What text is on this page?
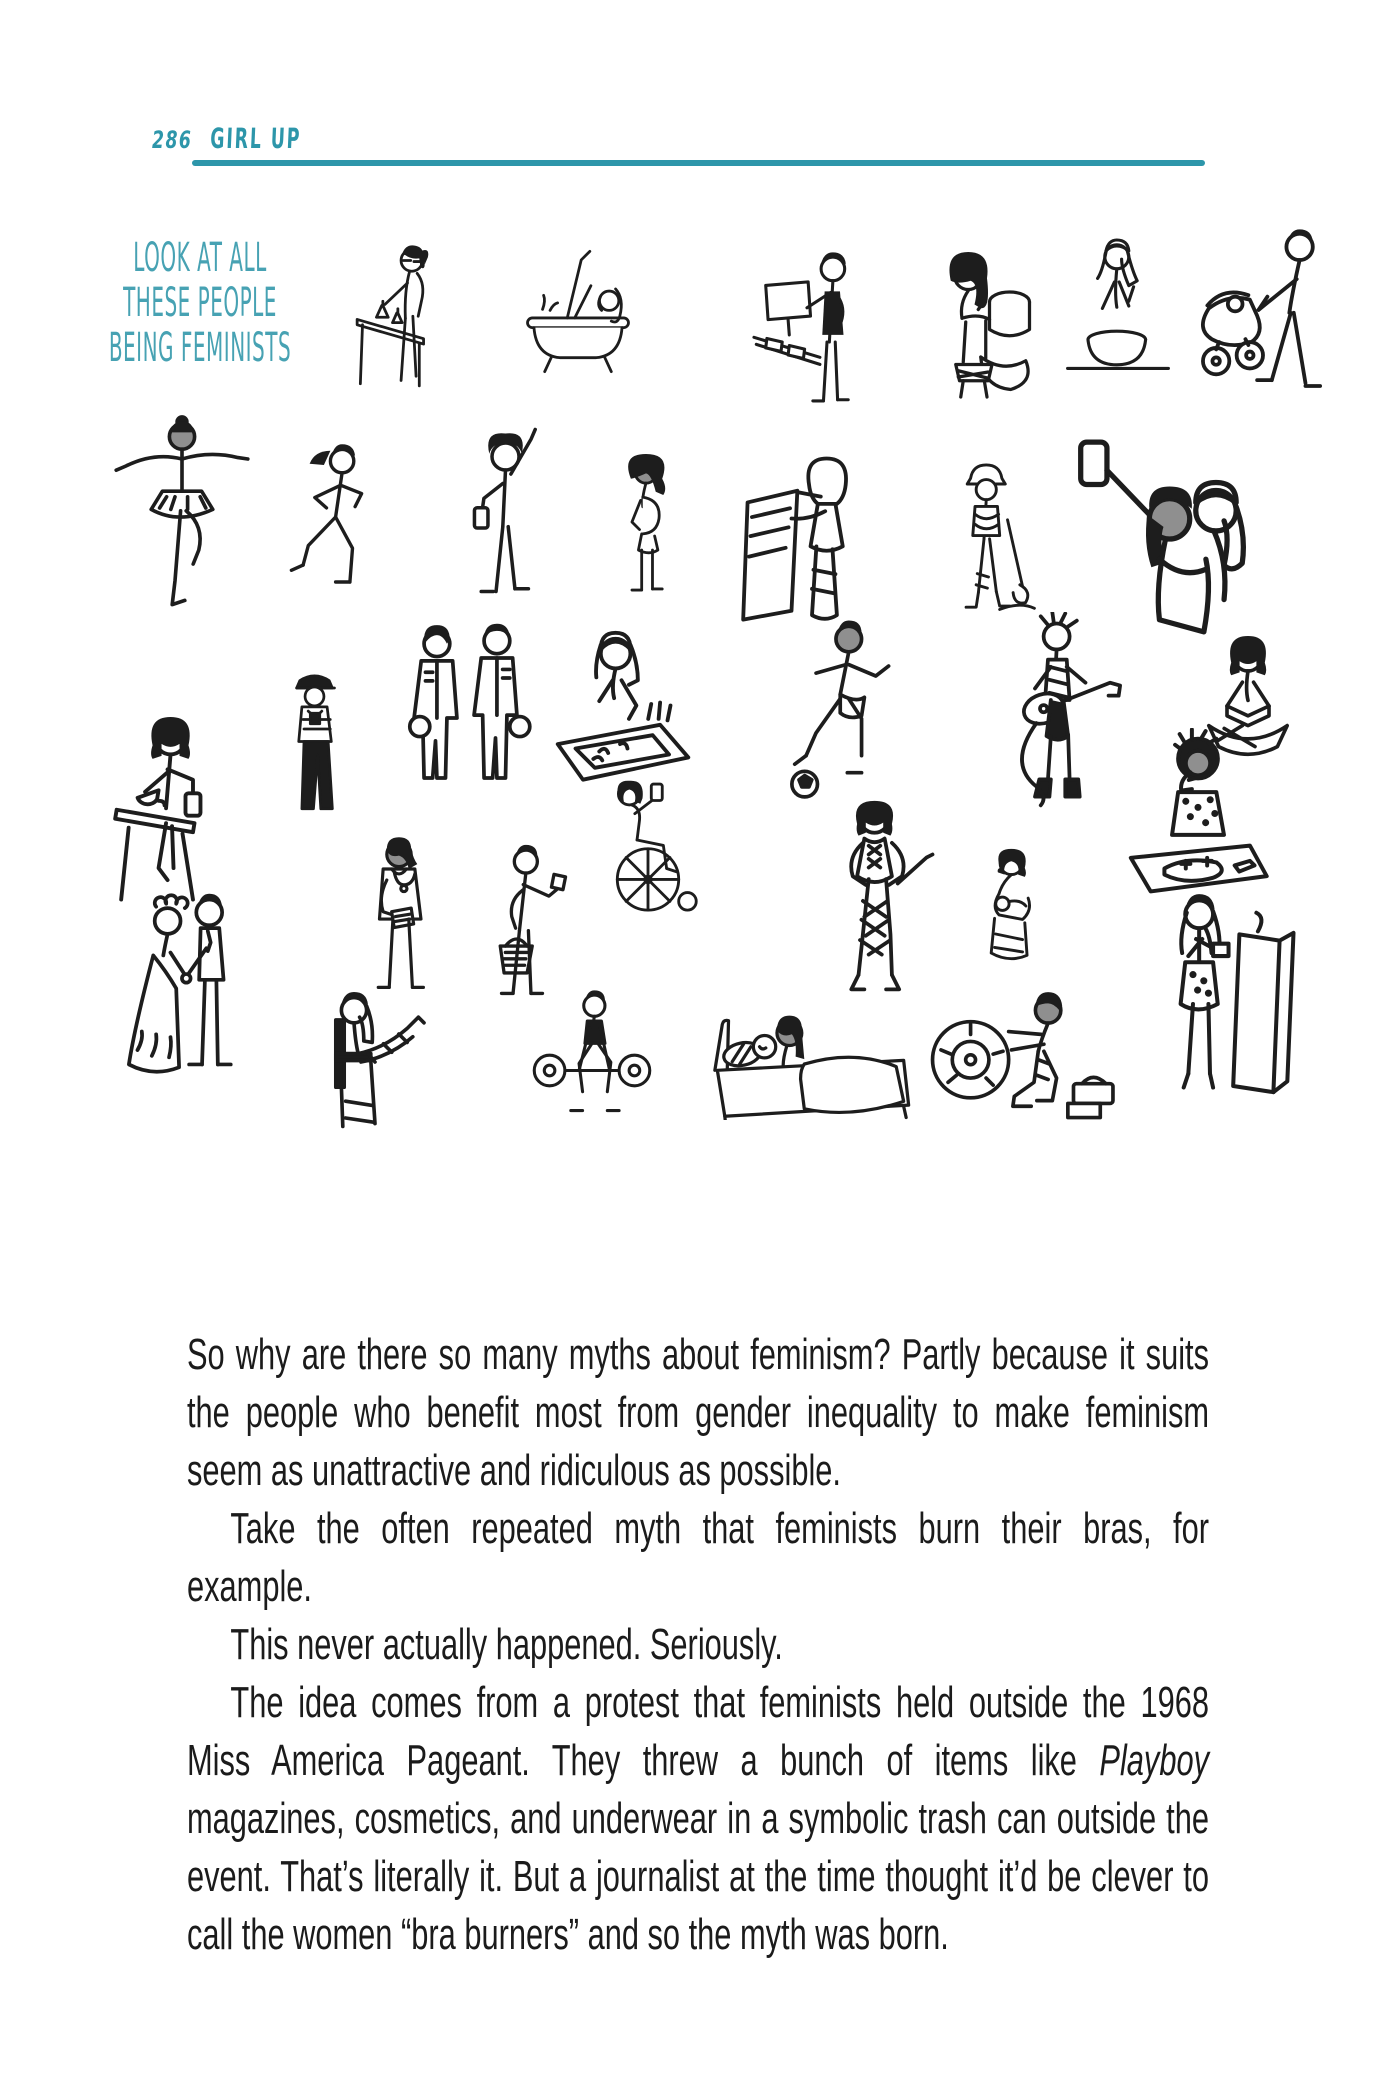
286 GIRL UP
LOOK AT ALL
THESE PEOPLE
BEING FEMINISTS

So why are there so many myths about feminism? Partly because it suits the people who benefit most from gender inequality to make feminism seem as unattractive and ridiculous as possible.

Take the often repeated myth that feminists burn their bras, for example.

This never actually happened. Seriously.

The idea comes from a protest that feminists held outside the 1968 Miss America Pageant. They threw a bunch of items like Playboy magazines, cosmetics, and underwear in a symbolic trash can outside the event. That’s literally it. But a journalist at the time thought it’d be clever to call the women “bra burners” and so the myth was born.
